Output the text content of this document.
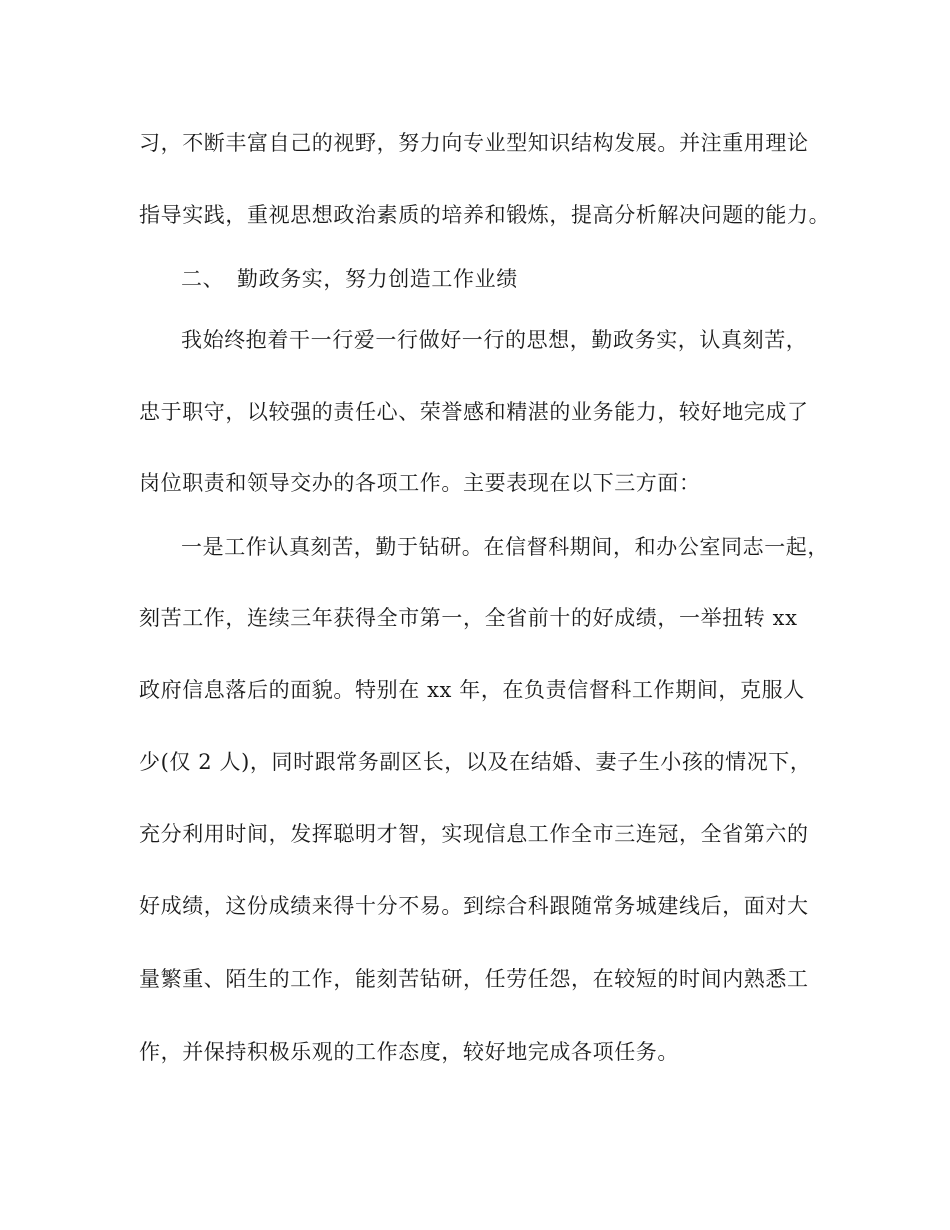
习，不断丰富自己的视野，努力向专业型知识结构发展。并注重用理论
指导实践，重视思想政治素质的培养和锻炼，提高分析解决问题的能力。
二、 勤政务实，努力创造工作业绩
我始终抱着干一行爱一行做好一行的思想，勤政务实，认真刻苦，
忠于职守，以较强的责任心、荣誉感和精湛的业务能力，较好地完成了
岗位职责和领导交办的各项工作。主要表现在以下三方面：
一是工作认真刻苦，勤于钻研。在信督科期间，和办公室同志一起，
刻苦工作，连续三年获得全市第一，全省前十的好成绩，一举扭转 xx
政府信息落后的面貌。特别在 xx 年，在负责信督科工作期间，克服人
少(仅 2 人)，同时跟常务副区长，以及在结婚、妻子生小孩的情况下，
充分利用时间，发挥聪明才智，实现信息工作全市三连冠，全省第六的
好成绩，这份成绩来得十分不易。到综合科跟随常务城建线后，面对大
量繁重、陌生的工作，能刻苦钻研，任劳任怨，在较短的时间内熟悉工
作，并保持积极乐观的工作态度，较好地完成各项任务。
